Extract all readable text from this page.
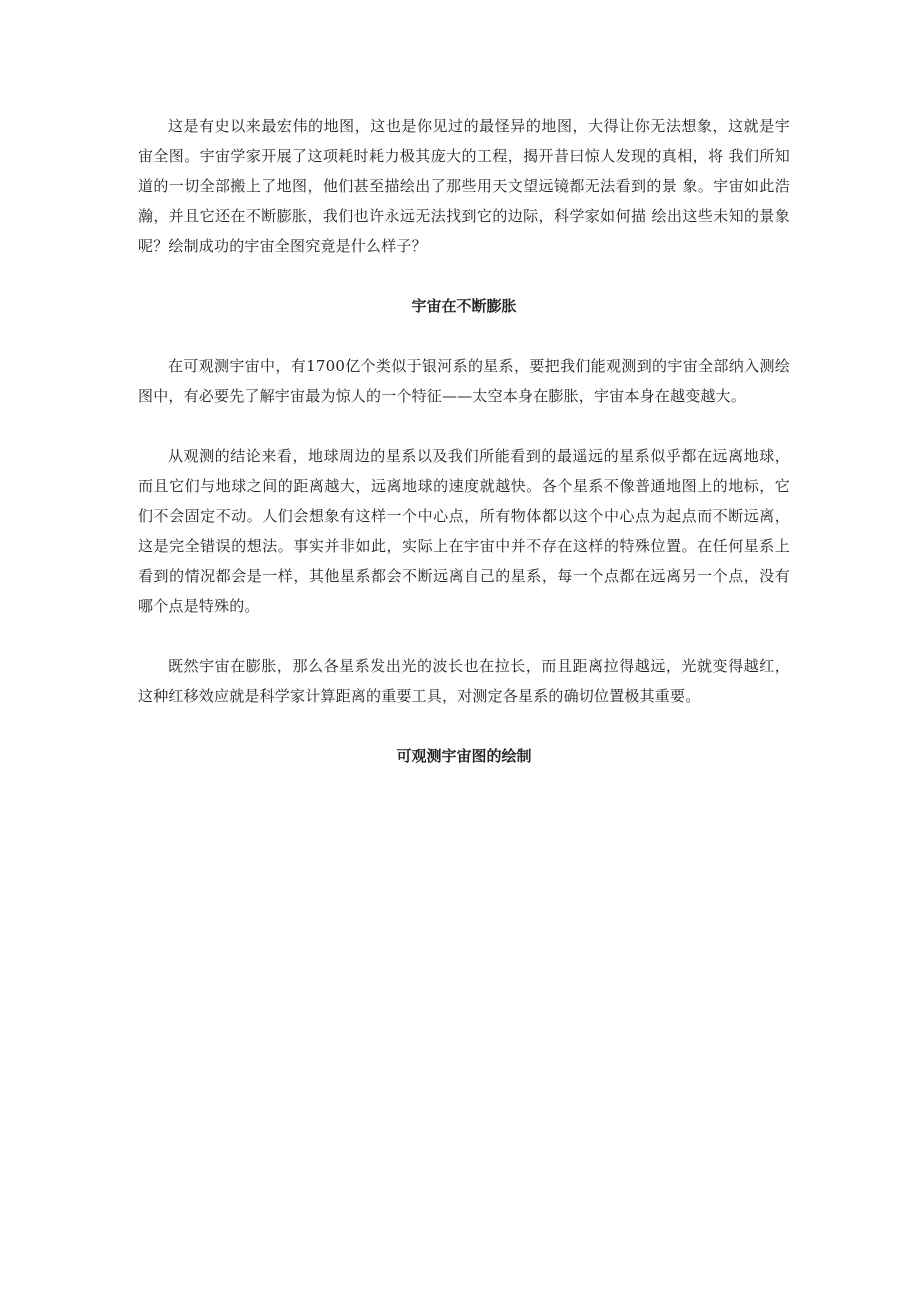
这是有史以来最宏伟的地图，这也是你见过的最怪异的地图，大得让你无法想象，这就是宇宙全图。宇宙学家开展了这项耗时耗力极其庞大的工程，揭开昔曰惊人发现的真相，将 我们所知道的一切全部搬上了地图，他们甚至描绘出了那些用天文望远镜都无法看到的景 象。宇宙如此浩瀚，并且它还在不断膨胀，我们也许永远无法找到它的边际，科学家如何描 绘出这些未知的景象呢？绘制成功的宇宙全图究竟是什么样子？

宇宙在不断膨胀

在可观测宇宙中，有1700亿个类似于银河系的星系，要把我们能观测到的宇宙全部纳入测绘图中，有必要先了解宇宙最为惊人的一个特征——太空本身在膨胀，宇宙本身在越变越大。

从观测的结论来看，地球周边的星系以及我们所能看到的最遥远的星系似乎都在远离地球，而且它们与地球之间的距离越大，远离地球的速度就越快。各个星系不像普通地图上的地标，它们不会固定不动。人们会想象有这样一个中心点，所有物体都以这个中心点为起点而不断远离，这是完全错误的想法。事实并非如此，实际上在宇宙中并不存在这样的特殊位置。在任何星系上看到的情况都会是一样，其他星系都会不断远离自己的星系，每一个点都在远离另一个点，没有哪个点是特殊的。

既然宇宙在膨胀，那么各星系发出光的波长也在拉长，而且距离拉得越远，光就变得越红，这种红移效应就是科学家计算距离的重要工具，对测定各星系的确切位置极其重要。

可观测宇宙图的绘制
